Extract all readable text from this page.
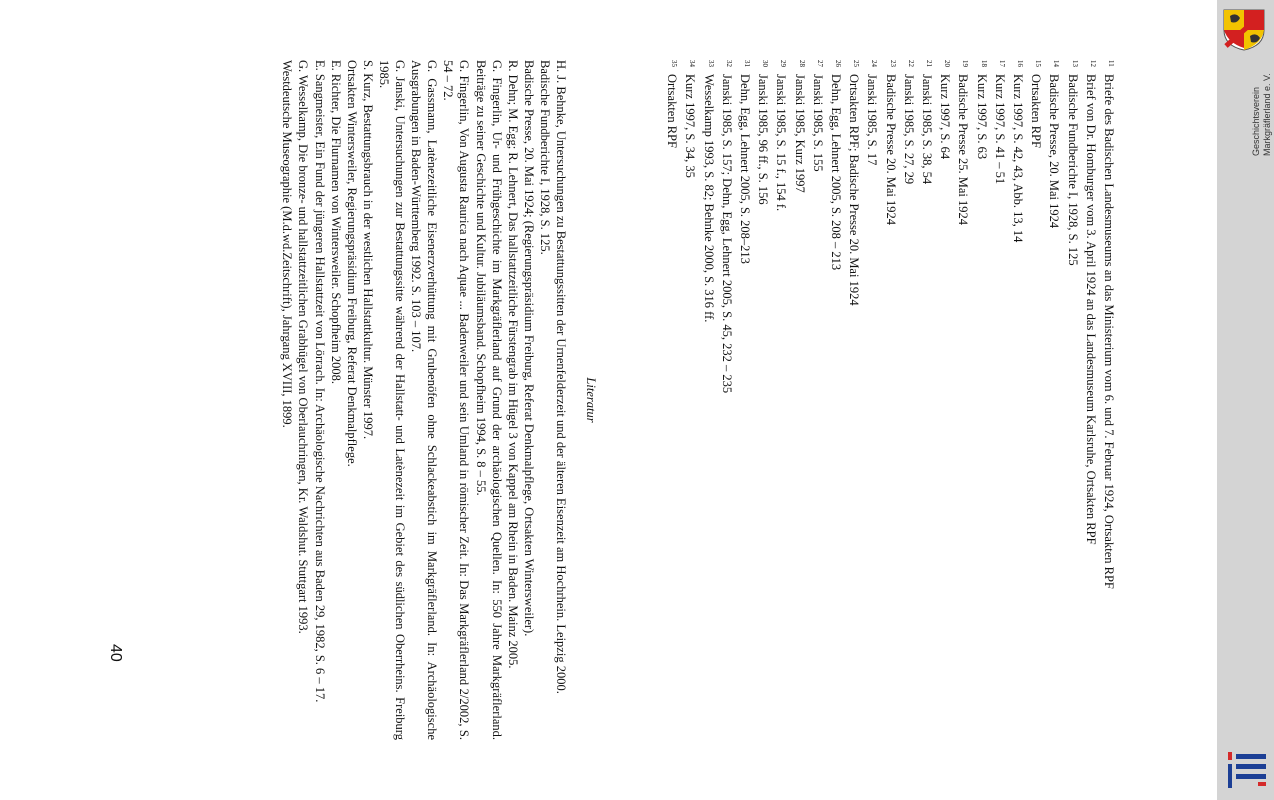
$^{11}$Briefe des Badischen Landesmuseums an das Ministerium vom 6. und 7. Februar 1924, Ortsakten RPF
$^{12}$Brief von Dr. Homburger vom 3. April 1924 an das Landesmuseum Karlsruhe, Ortsakten RPF
$^{13}$Badische Fundberichte I, 1928, S. 125
$^{14}$Badische Presse, 20. Mai 1924
$^{15}$Ortsakten RPF
$^{16}$Kurz 1997, S. 42, 43, Abb. 13, 14
$^{17}$Kurz 1997, S. 41 – 51
$^{18}$Kurz 1997, S. 63
$^{19}$Badische Presse 25. Mai 1924
$^{20}$Kurz 1997, S. 64
$^{21}$Janski 1985, S. 38, 54
$^{22}$Janski 1985, S. 27, 29
$^{23}$Badische Presse 20. Mai 1924
$^{24}$Janski 1985, S. 17
$^{25}$Ortsakten RPF; Badische Presse 20. Mai 1924
$^{26}$Dehn, Egg, Lehnert 2005, S. 208 – 213
$^{27}$Janski 1985, S. 155
$^{28}$Janski 1985, Kurz 1997
$^{29}$Janski 1985, S. 15 f., 154 f.
$^{30}$Janski 1985, 96 ff., S. 156
$^{31}$Dehn, Egg, Lehnert 2005, S. 208–213
$^{32}$Janski 1985, S. 157; Dehn, Egg, Lehnert 2005, S. 45, 232 – 235
$^{33}$Wesselkamp 1993, S. 82; Behnke 2000, S. 316 ff.
$^{34}$Kurz 1997, S. 34, 35
$^{35}$Ortsakten RPF
Literatur
H. J. Behnke, Untersuchungen zu Bestattungssitten der Urnenfelderzeit und der älteren Eisenzeit am Hochrhein. Leipzig 2000.
Badische Fundberichte I, 1928, S. 125.
Badische Presse, 20. Mai 1924; (Regierungspräsidium Freiburg, Referat Denkmalpflege, Ortsakten Wintersweiler).
R. Dehn; M. Egg; R. Lehnert, Das hallstattzeitliche Fürstengrab im Hügel 3 von Kappel am Rhein in Baden. Mainz 2005.
G. Fingerlin, Ur- und Frühgeschichte im Markgräflerland auf Grund der archäologischen Quellen. In: 550 Jahre Markgräflerland. Beiträge zu seiner Geschichte und Kultur. Jubiläumsband. Schopfheim 1994, S. 8 – 55.
G. Fingerlin, Von Augusta Raurica nach Aquae ... Badenweiler und sein Umland in römischer Zeit. In: Das Markgräflerland 2/2002, S. 54 – 72.
G. Gassmann, Latènezeitliche Eisenerzverhüttung mit Grubenöfen ohne Schlackeabstich im Markgräflerland. In: Archäologische Ausgrabungen in Baden-Württemberg 1992. S. 103 – 107.
G. Janski, Untersuchungen zur Bestattungssitte während der Hallstatt- und Latènezeit im Gebiet des südlichen Oberrheins. Freiburg 1985.
S. Kurz, Bestattungsbrauch in der westlichen Hallstattkultur. Münster 1997.
Ortsakten Wintersweiler, Regierungspräsidium Freiburg, Referat Denkmalpflege.
E. Richter, Die Flurnamen von Wintersweiler. Schopfheim 2008.
E. Sangmeister, Ein Fund der jüngeren Hallstattzeit von Lörrach. In: Archäologische Nachrichten aus Baden 29, 1982, S. 6 – 17.
G. Wesselkamp, Die bronze- und hallstattzeitlichen Grabhügel von Oberlauchringen, Kr. Waldshut. Stuttgart 1993.
Westdeutsche Museographie (M.d.wd.Zeitschrift), Jahrgang XVIII, 1899.
40
Geschichtsverein Markgräflerland e. V.
